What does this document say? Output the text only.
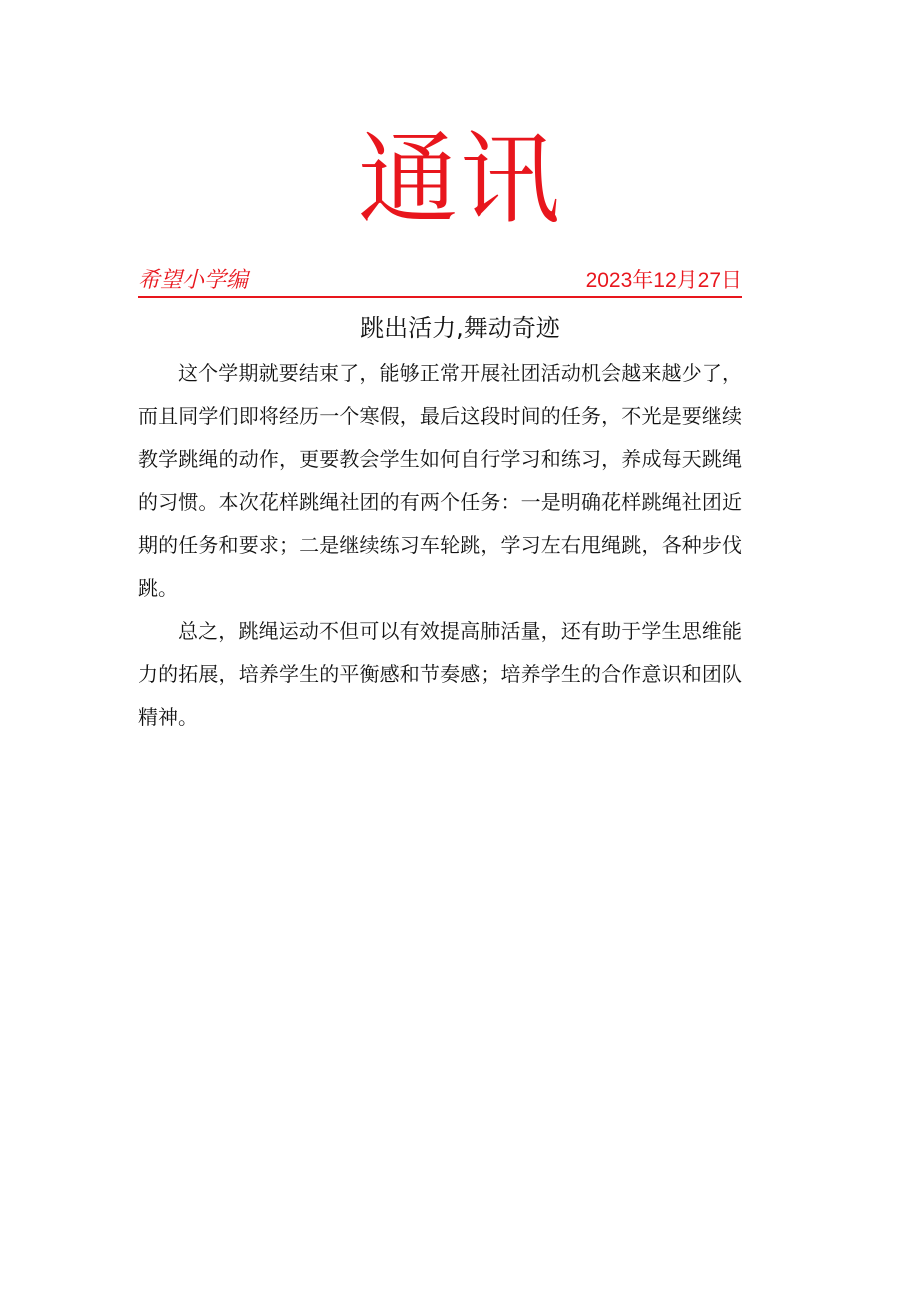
通讯
希望小学编	2023年12月27日
跳出活力,舞动奇迹

这个学期就要结束了，能够正常开展社团活动机会越来越少了，而且同学们即将经历一个寒假，最后这段时间的任务，不光是要继续教学跳绳的动作，更要教会学生如何自行学习和练习，养成每天跳绳的习惯。本次花样跳绳社团的有两个任务：一是明确花样跳绳社团近期的任务和要求；二是继续练习车轮跳，学习左右甩绳跳，各种步伐跳。

总之，跳绳运动不但可以有效提高肺活量，还有助于学生思维能力的拓展，培养学生的平衡感和节奏感；培养学生的合作意识和团队精神。
